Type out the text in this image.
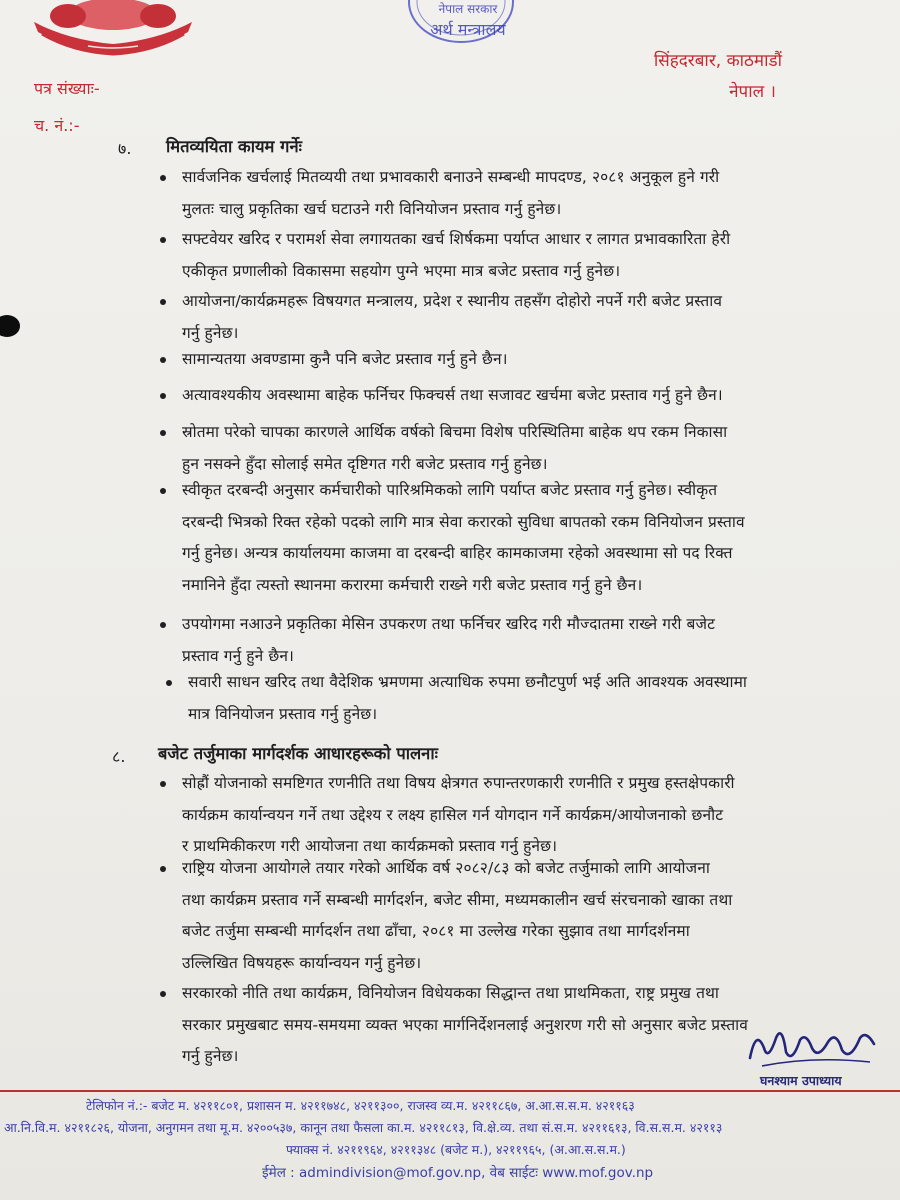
नेपाल सरकार
अर्थ मन्त्रालय
सिंहदरबार, काठमाडौं
नेपाल ।
पत्र संख्याः-
च. नं.:-
७. मितव्ययिता कायम गर्नेः
सार्वजनिक खर्चलाई मितव्ययी तथा प्रभावकारी बनाउने सम्बन्धी मापदण्ड, २०८१ अनुकूल हुने गरी
मुलतः चालु प्रकृतिका खर्च घटाउने गरी विनियोजन प्रस्ताव गर्नु हुनेछ।
सफ्टवेयर खरिद र परामर्श सेवा लगायतका खर्च शिर्षकमा पर्याप्त आधार र लागत प्रभावकारिता हेरी
एकीकृत प्रणालीको विकासमा सहयोग पुग्ने भएमा मात्र बजेट प्रस्ताव गर्नु हुनेछ।
आयोजना/कार्यक्रमहरू विषयगत मन्त्रालय, प्रदेश र स्थानीय तहसँग दोहोरो नपर्ने गरी बजेट प्रस्ताव
गर्नु हुनेछ।
सामान्यतया अवण्डामा कुनै पनि बजेट प्रस्ताव गर्नु हुने छैन।
अत्यावश्यकीय अवस्थामा बाहेक फर्निचर फिक्चर्स तथा सजावट खर्चमा बजेट प्रस्ताव गर्नु हुने छैन।
स्रोतमा परेको चापका कारणले आर्थिक वर्षको बिचमा विशेष परिस्थितिमा बाहेक थप रकम निकासा
हुन नसक्ने हुँदा सोलाई समेत दृष्टिगत गरी बजेट प्रस्ताव गर्नु हुनेछ।
स्वीकृत दरबन्दी अनुसार कर्मचारीको पारिश्रमिकको लागि पर्याप्त बजेट प्रस्ताव गर्नु हुनेछ। स्वीकृत
दरबन्दी भित्रको रिक्त रहेको पदको लागि मात्र सेवा करारको सुविधा बापतको रकम विनियोजन प्रस्ताव
गर्नु हुनेछ। अन्यत्र कार्यालयमा काजमा वा दरबन्दी बाहिर कामकाजमा रहेको अवस्थामा सो पद रिक्त
नमानिने हुँदा त्यस्तो स्थानमा करारमा कर्मचारी राख्ने गरी बजेट प्रस्ताव गर्नु हुने छैन।
उपयोगमा नआउने प्रकृतिका मेसिन उपकरण तथा फर्निचर खरिद गरी मौज्दातमा राख्ने गरी बजेट
प्रस्ताव गर्नु हुने छैन।
सवारी साधन खरिद तथा वैदेशिक भ्रमणमा अत्याधिक रुपमा छनौटपुर्ण भई अति आवश्यक अवस्थामा
मात्र विनियोजन प्रस्ताव गर्नु हुनेछ।
८. बजेट तर्जुमाका मार्गदर्शक आधारहरूको पालनाः
सोह्रौं योजनाको समष्टिगत रणनीति तथा विषय क्षेत्रगत रुपान्तरणकारी रणनीति र प्रमुख हस्तक्षेपकारी
कार्यक्रम कार्यान्वयन गर्ने तथा उद्देश्य र लक्ष्य हासिल गर्न योगदान गर्ने कार्यक्रम/आयोजनाको छनौट
र प्राथमिकीकरण गरी आयोजना तथा कार्यक्रमको प्रस्ताव गर्नु हुनेछ।
राष्ट्रिय योजना आयोगले तयार गरेको आर्थिक वर्ष २०८२/८३ को बजेट तर्जुमाको लागि आयोजना
तथा कार्यक्रम प्रस्ताव गर्ने सम्बन्धी मार्गदर्शन, बजेट सीमा, मध्यमकालीन खर्च संरचनाको खाका तथा
बजेट तर्जुमा सम्बन्धी मार्गदर्शन तथा ढाँचा, २०८१ मा उल्लेख गरेका सुझाव तथा मार्गदर्शनमा
उल्लिखित विषयहरू कार्यान्वयन गर्नु हुनेछ।
सरकारको नीति तथा कार्यक्रम, विनियोजन विधेयकका सिद्धान्त तथा प्राथमिकता, राष्ट्र प्रमुख तथा
सरकार प्रमुखबाट समय-समयमा व्यक्त भएका मार्गनिर्देशनलाई अनुशरण गरी सो अनुसार बजेट प्रस्ताव
गर्नु हुनेछ।
घनश्याम उपाध्याय
टेलिफोन नं.:- बजेट म. ४२११८०१, प्रशासन म. ४२११७४८, ४२११३००, राजस्व व्य.म. ४२११८६७, अ.आ.स.स.म. ४२११६३
आ.नि.वि.म. ४२११८२६, योजना, अनुगमन तथा मू.म. ४२००५३७, कानून तथा फैसला का.म. ४२११८१३, वि.क्षे.व्य. तथा सं.स.म. ४२११६१३, वि.स.स.म. ४२११३
फ्याक्स नं. ४२११९६४, ४२११३४८ (बजेट म.), ४२११९६५, (अ.आ.स.स.म.)
ईमेल : admindivision@mof.gov.np, वेब साईटः www.mof.gov.np
